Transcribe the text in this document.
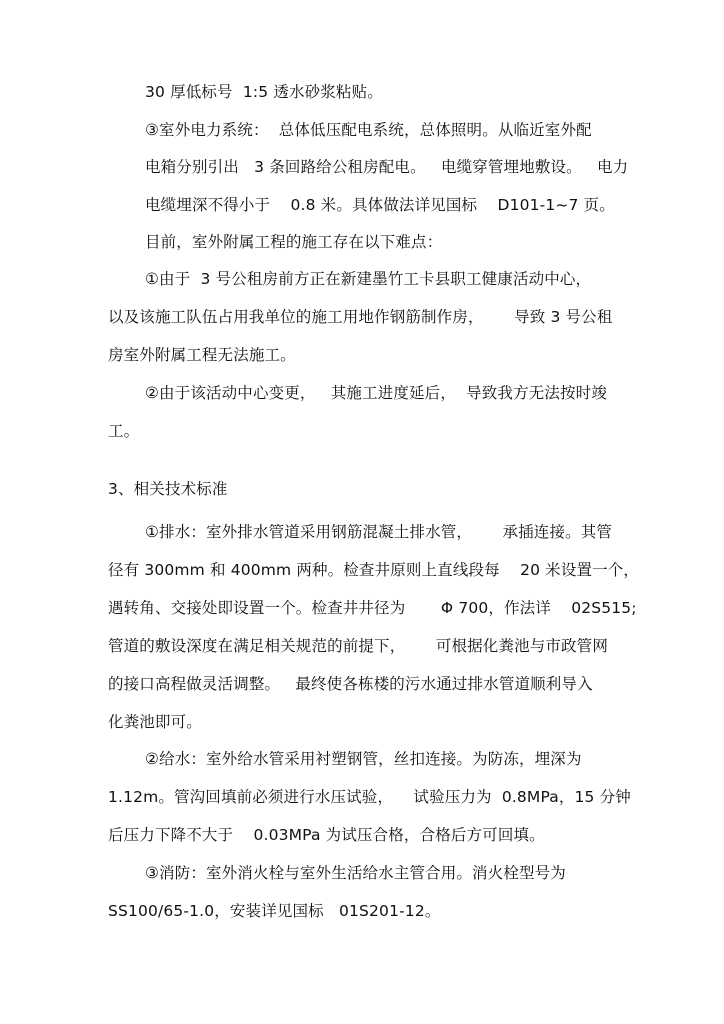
30 厚低标号  1:5 透水砂浆粘贴。
③室外电力系统：  总体低压配电系统，总体照明。从临近室外配
电箱分别引出   3 条回路给公租房配电。   电缆穿管埋地敷设。   电力
电缆埋深不得小于    0.8 米。具体做法详见国标    D101-1~7 页。
目前，室外附属工程的施工存在以下难点：
①由于  3 号公租房前方正在新建墨竹工卡县职工健康活动中心，
以及该施工队伍占用我单位的施工用地作钢筋制作房，      导致 3 号公租
房室外附属工程无法施工。
②由于该活动中心变更，   其施工进度延后，  导致我方无法按时竣
工。
3、相关技术标准
①排水：室外排水管道采用钢筋混凝土排水管，      承插连接。其管
径有 300mm 和 400mm 两种。检查井原则上直线段每    20 米设置一个，
遇转角、交接处即设置一个。检查井井径为       Φ 700，作法详    02S515;
管道的敷设深度在满足相关规范的前提下，      可根据化粪池与市政管网
的接口高程做灵活调整。   最终使各栋楼的污水通过排水管道顺利导入
化粪池即可。
②给水：室外给水管采用衬塑钢管，丝扣连接。为防冻，埋深为
1.12m。管沟回填前必须进行水压试验，    试验压力为  0.8MPa，15 分钟
后压力下降不大于    0.03MPa 为试压合格，合格后方可回填。
③消防：室外消火栓与室外生活给水主管合用。消火栓型号为
SS100/65-1.0，安装详见国标   01S201-12。
